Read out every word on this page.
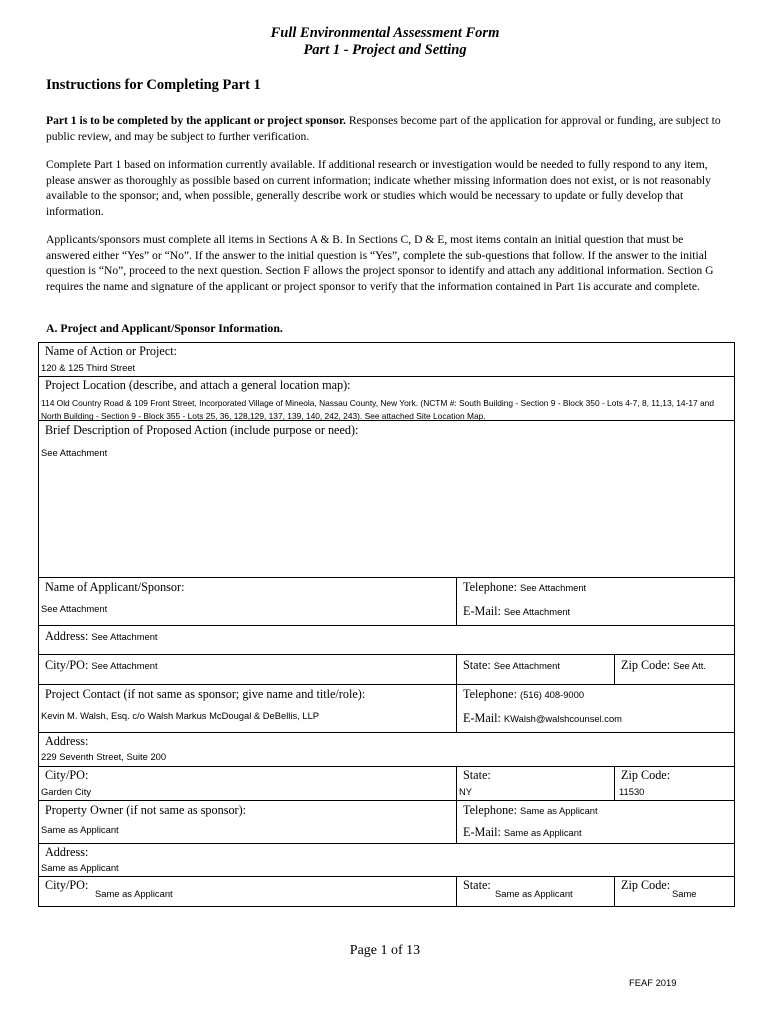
Full Environmental Assessment Form
Part 1 - Project and Setting
Instructions for Completing Part 1
Part 1 is to be completed by the applicant or project sponsor. Responses become part of the application for approval or funding, are subject to public review, and may be subject to further verification.
Complete Part 1 based on information currently available. If additional research or investigation would be needed to fully respond to any item, please answer as thoroughly as possible based on current information; indicate whether missing information does not exist, or is not reasonably available to the sponsor; and, when possible, generally describe work or studies which would be necessary to update or fully develop that information.
Applicants/sponsors must complete all items in Sections A & B. In Sections C, D & E, most items contain an initial question that must be answered either “Yes” or “No”. If the answer to the initial question is “Yes”, complete the sub-questions that follow. If the answer to the initial question is “No”, proceed to the next question. Section F allows the project sponsor to identify and attach any additional information. Section G requires the name and signature of the applicant or project sponsor to verify that the information contained in Part 1is accurate and complete.
A. Project and Applicant/Sponsor Information.
Name of Action or Project:
120 & 125 Third Street
Project Location (describe, and attach a general location map):
114 Old Country Road & 109 Front Street, Incorporated Village of Mineola, Nassau County, New York. (NCTM #: South Building - Section 9 - Block 350 - Lots 4-7, 8, 11,13, 14-17 and North Building - Section 9 - Block 355 - Lots 25, 36, 128,129, 137, 139, 140, 242, 243). See attached Site Location Map.
Brief Description of Proposed Action (include purpose or need):
See Attachment
Name of Applicant/Sponsor:
See Attachment
Telephone: See Attachment
E-Mail: See Attachment
Address: See Attachment
City/PO: See Attachment	State: See Attachment	Zip Code: See Att.
Project Contact (if not same as sponsor; give name and title/role):
Kevin M. Walsh, Esq. c/o Walsh Markus McDougal & DeBellis, LLP
Telephone: (516) 408-9000
E-Mail: KWalsh@walshcounsel.com
Address:
229 Seventh Street, Suite 200
City/PO:
Garden City
State:
NY
Zip Code:
11530
Property Owner (if not same as sponsor):
Same as Applicant
Telephone: Same as Applicant
E-Mail: Same as Applicant
Address:
Same as Applicant
City/PO:
Same as Applicant
State:
Same as Applicant
Zip Code:
Same
Page 1 of 13
FEAF 2019
